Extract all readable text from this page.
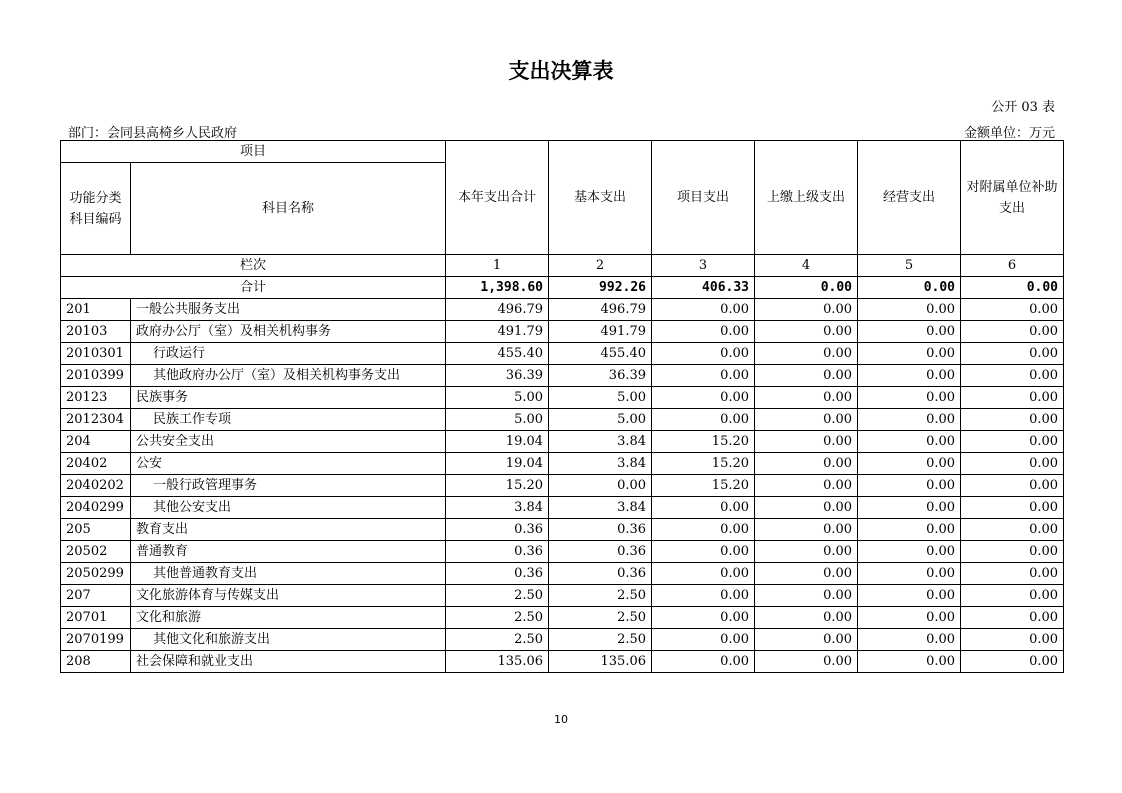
支出决算表
公开 03 表
部门：会同县高椅乡人民政府	金额单位：万元
项目		本年支出合计	基本支出	项目支出	上缴上级支出	经营支出	对附属单位补助支出
功能分类科目编码	科目名称						
栏次		1	2	3	4	5	6
合计		1,398.60	992.26	406.33	0.00	0.00	0.00
201	一般公共服务支出	496.79	496.79	0.00	0.00	0.00	0.00
20103	政府办公厅（室）及相关机构事务	491.79	491.79	0.00	0.00	0.00	0.00
2010301	行政运行	455.40	455.40	0.00	0.00	0.00	0.00
2010399	其他政府办公厅（室）及相关机构事务支出	36.39	36.39	0.00	0.00	0.00	0.00
20123	民族事务	5.00	5.00	0.00	0.00	0.00	0.00
2012304	民族工作专项	5.00	5.00	0.00	0.00	0.00	0.00
204	公共安全支出	19.04	3.84	15.20	0.00	0.00	0.00
20402	公安	19.04	3.84	15.20	0.00	0.00	0.00
2040202	一般行政管理事务	15.20	0.00	15.20	0.00	0.00	0.00
2040299	其他公安支出	3.84	3.84	0.00	0.00	0.00	0.00
205	教育支出	0.36	0.36	0.00	0.00	0.00	0.00
20502	普通教育	0.36	0.36	0.00	0.00	0.00	0.00
2050299	其他普通教育支出	0.36	0.36	0.00	0.00	0.00	0.00
207	文化旅游体育与传媒支出	2.50	2.50	0.00	0.00	0.00	0.00
20701	文化和旅游	2.50	2.50	0.00	0.00	0.00	0.00
2070199	其他文化和旅游支出	2.50	2.50	0.00	0.00	0.00	0.00
208	社会保障和就业支出	135.06	135.06	0.00	0.00	0.00	0.00
10
